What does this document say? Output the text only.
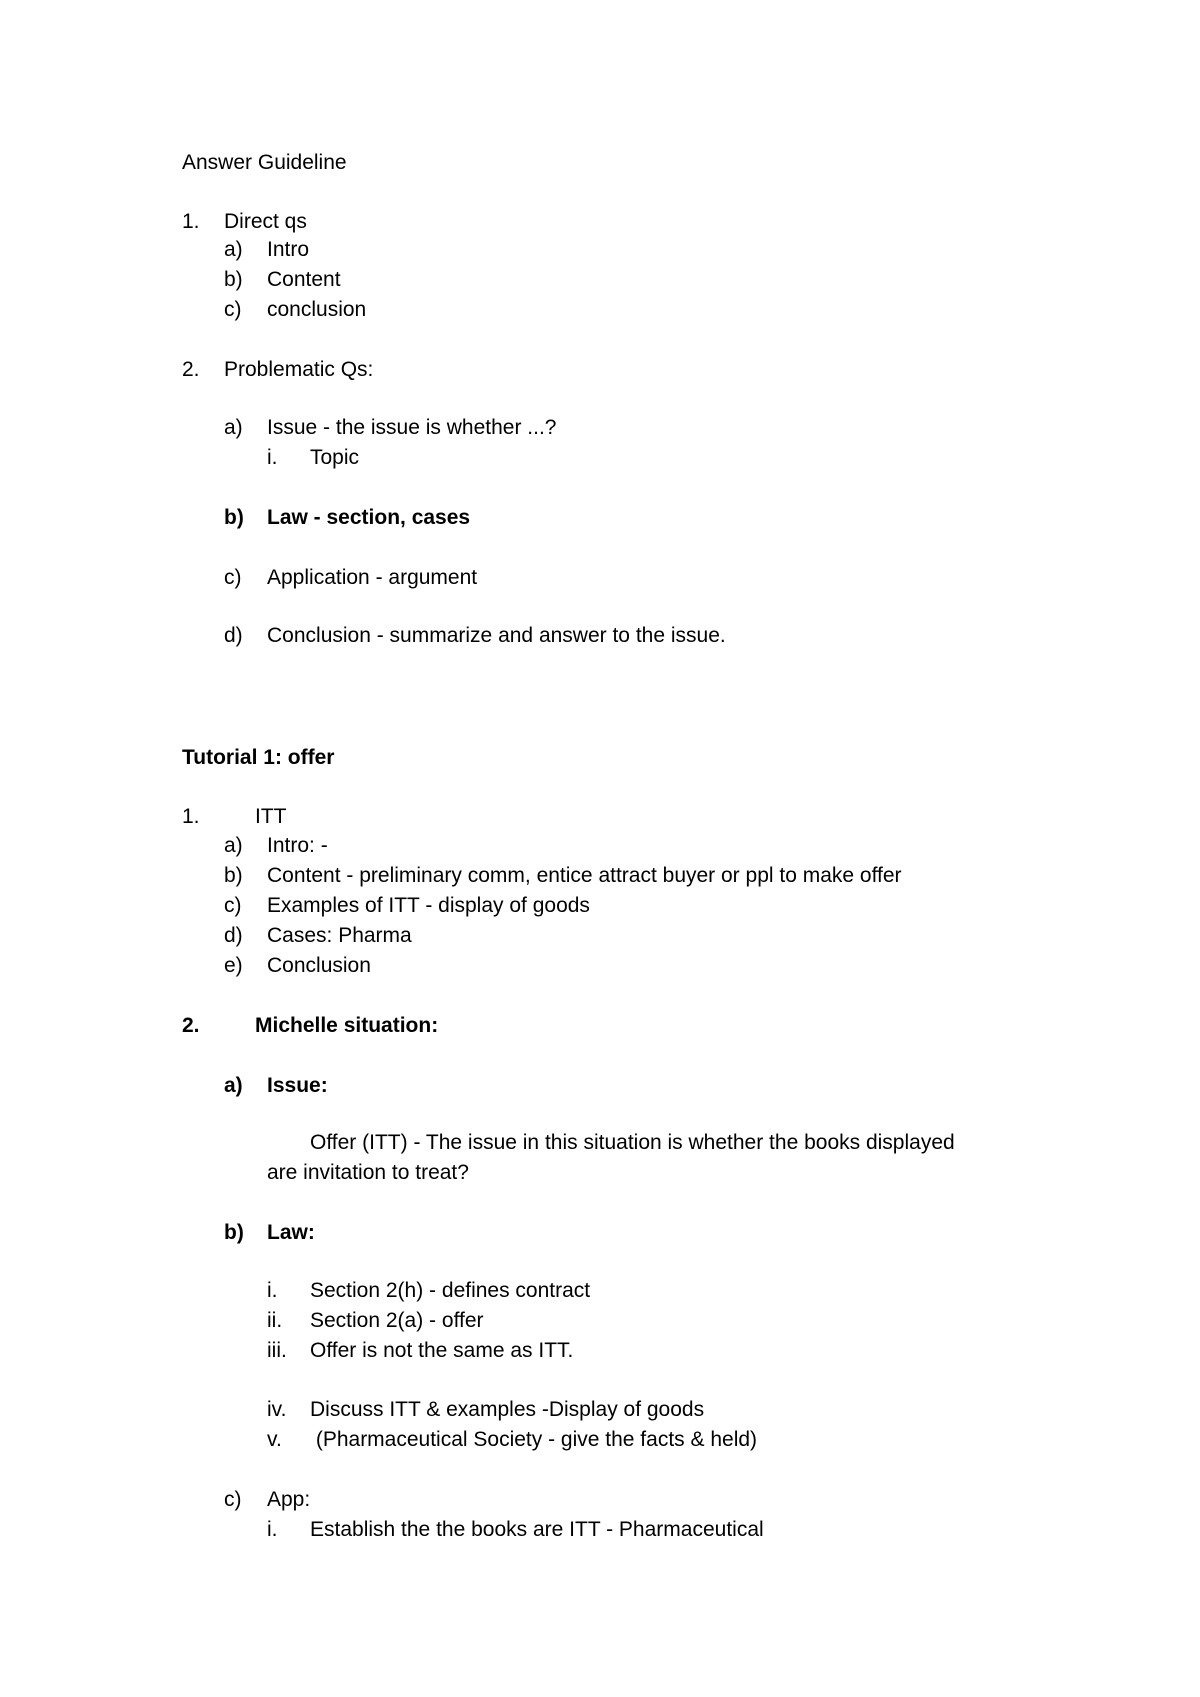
Answer Guideline
1. Direct qs
a) Intro
b) Content
c) conclusion
2. Problematic Qs:
a) Issue - the issue is whether ...?
i. Topic
b) Law - section, cases
c) Application - argument
d) Conclusion - summarize and answer to the issue.
Tutorial 1: offer
1.	ITT
a) Intro: -
b) Content - preliminary comm, entice attract buyer or ppl to make offer
c) Examples of ITT - display of goods
d) Cases: Pharma
e) Conclusion
2.	Michelle situation:
a) Issue:
Offer (ITT) - The issue in this situation is whether the books displayed
are invitation to treat?
b) Law:
i. Section 2(h) - defines contract
ii. Section 2(a) - offer
iii. Offer is not the same as ITT.
iv. Discuss ITT & examples -Display of goods
v. (Pharmaceutical Society - give the facts & held)
c) App:
i. Establish the the books are ITT - Pharmaceutical
